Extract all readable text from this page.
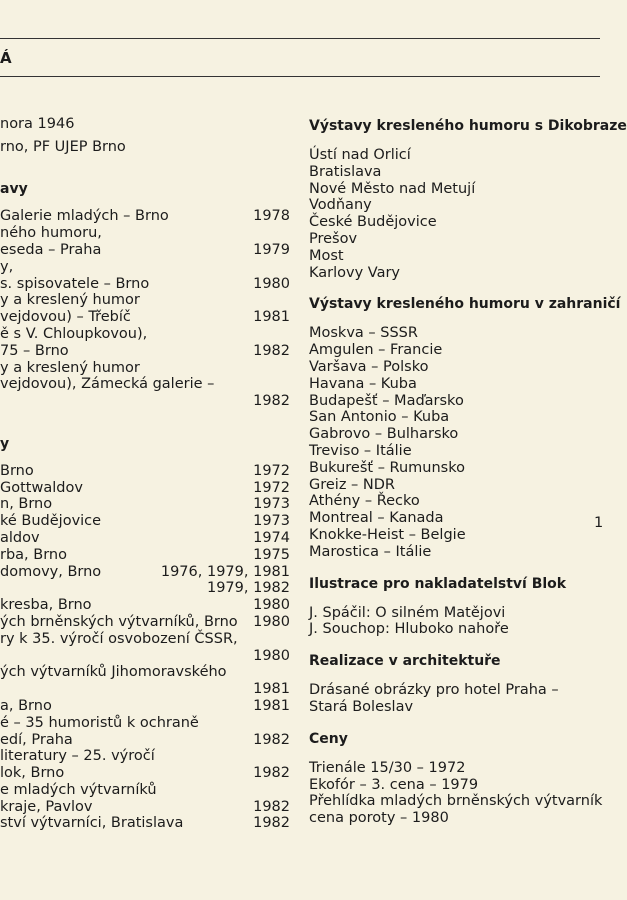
Á
nora 1946
rno, PF UJEP Brno
avy
Galerie mladých – Brno	1978
ného humoru,
eseda – Praha	1979
y,
s. spisovatele – Brno	1980
y a kreslený humor
vejdovou) – Třebíč	1981
ě s V. Chloupkovou),
75 – Brno	1982
y a kreslený humor
vejdovou), Zámecká galerie –
1982
y
Brno	1972
Gottwaldov	1972
n, Brno	1973
ké Budějovice	1973
aldov	1974
rba, Brno	1975
domovy, Brno	1976, 1979, 1981
1979, 1982
kresba, Brno	1980
ých brněnských výtvarníků, Brno 1980
ry k 35. výročí osvobození ČSSR,
1980
ých výtvarníků Jihomoravského
1981
a, Brno	1981
é – 35 humoristů k ochraně
edí, Praha	1982
literatury – 25. výročí
lok, Brno	1982
e mladých výtvarníků
kraje, Pavlov	1982
ství výtvarníci, Bratislava	1982
Výstavy kresleného humoru s Dikobraze
Ústí nad Orlicí
Bratislava
Nové Město nad Metují
Vodňany
České Budějovice
Prešov
Most
Karlovy Vary
Výstavy kresleného humoru v zahraničí
Moskva – SSSR
Amgulen – Francie
Varšava – Polsko
Havana – Kuba
Budapešť – Maďarsko
San Antonio – Kuba
Gabrovo – Bulharsko
Treviso – Itálie
Bukurešť – Rumunsko
Greiz – NDR
Athény – Řecko
Montreal – Kanada
Knokke-Heist – Belgie
Marostica – Itálie
Ilustrace pro nakladatelství Blok
J. Spáčil: O silném Matějovi
J. Souchop: Hluboko nahoře
Realizace v architektuře
Drásané obrázky pro hotel Praha –
Stará Boleslav
Ceny
Trienále 15/30 – 1972
Ekofór – 3. cena – 1979
Přehlídka mladých brněnských výtvarník
cena poroty – 1980
1
